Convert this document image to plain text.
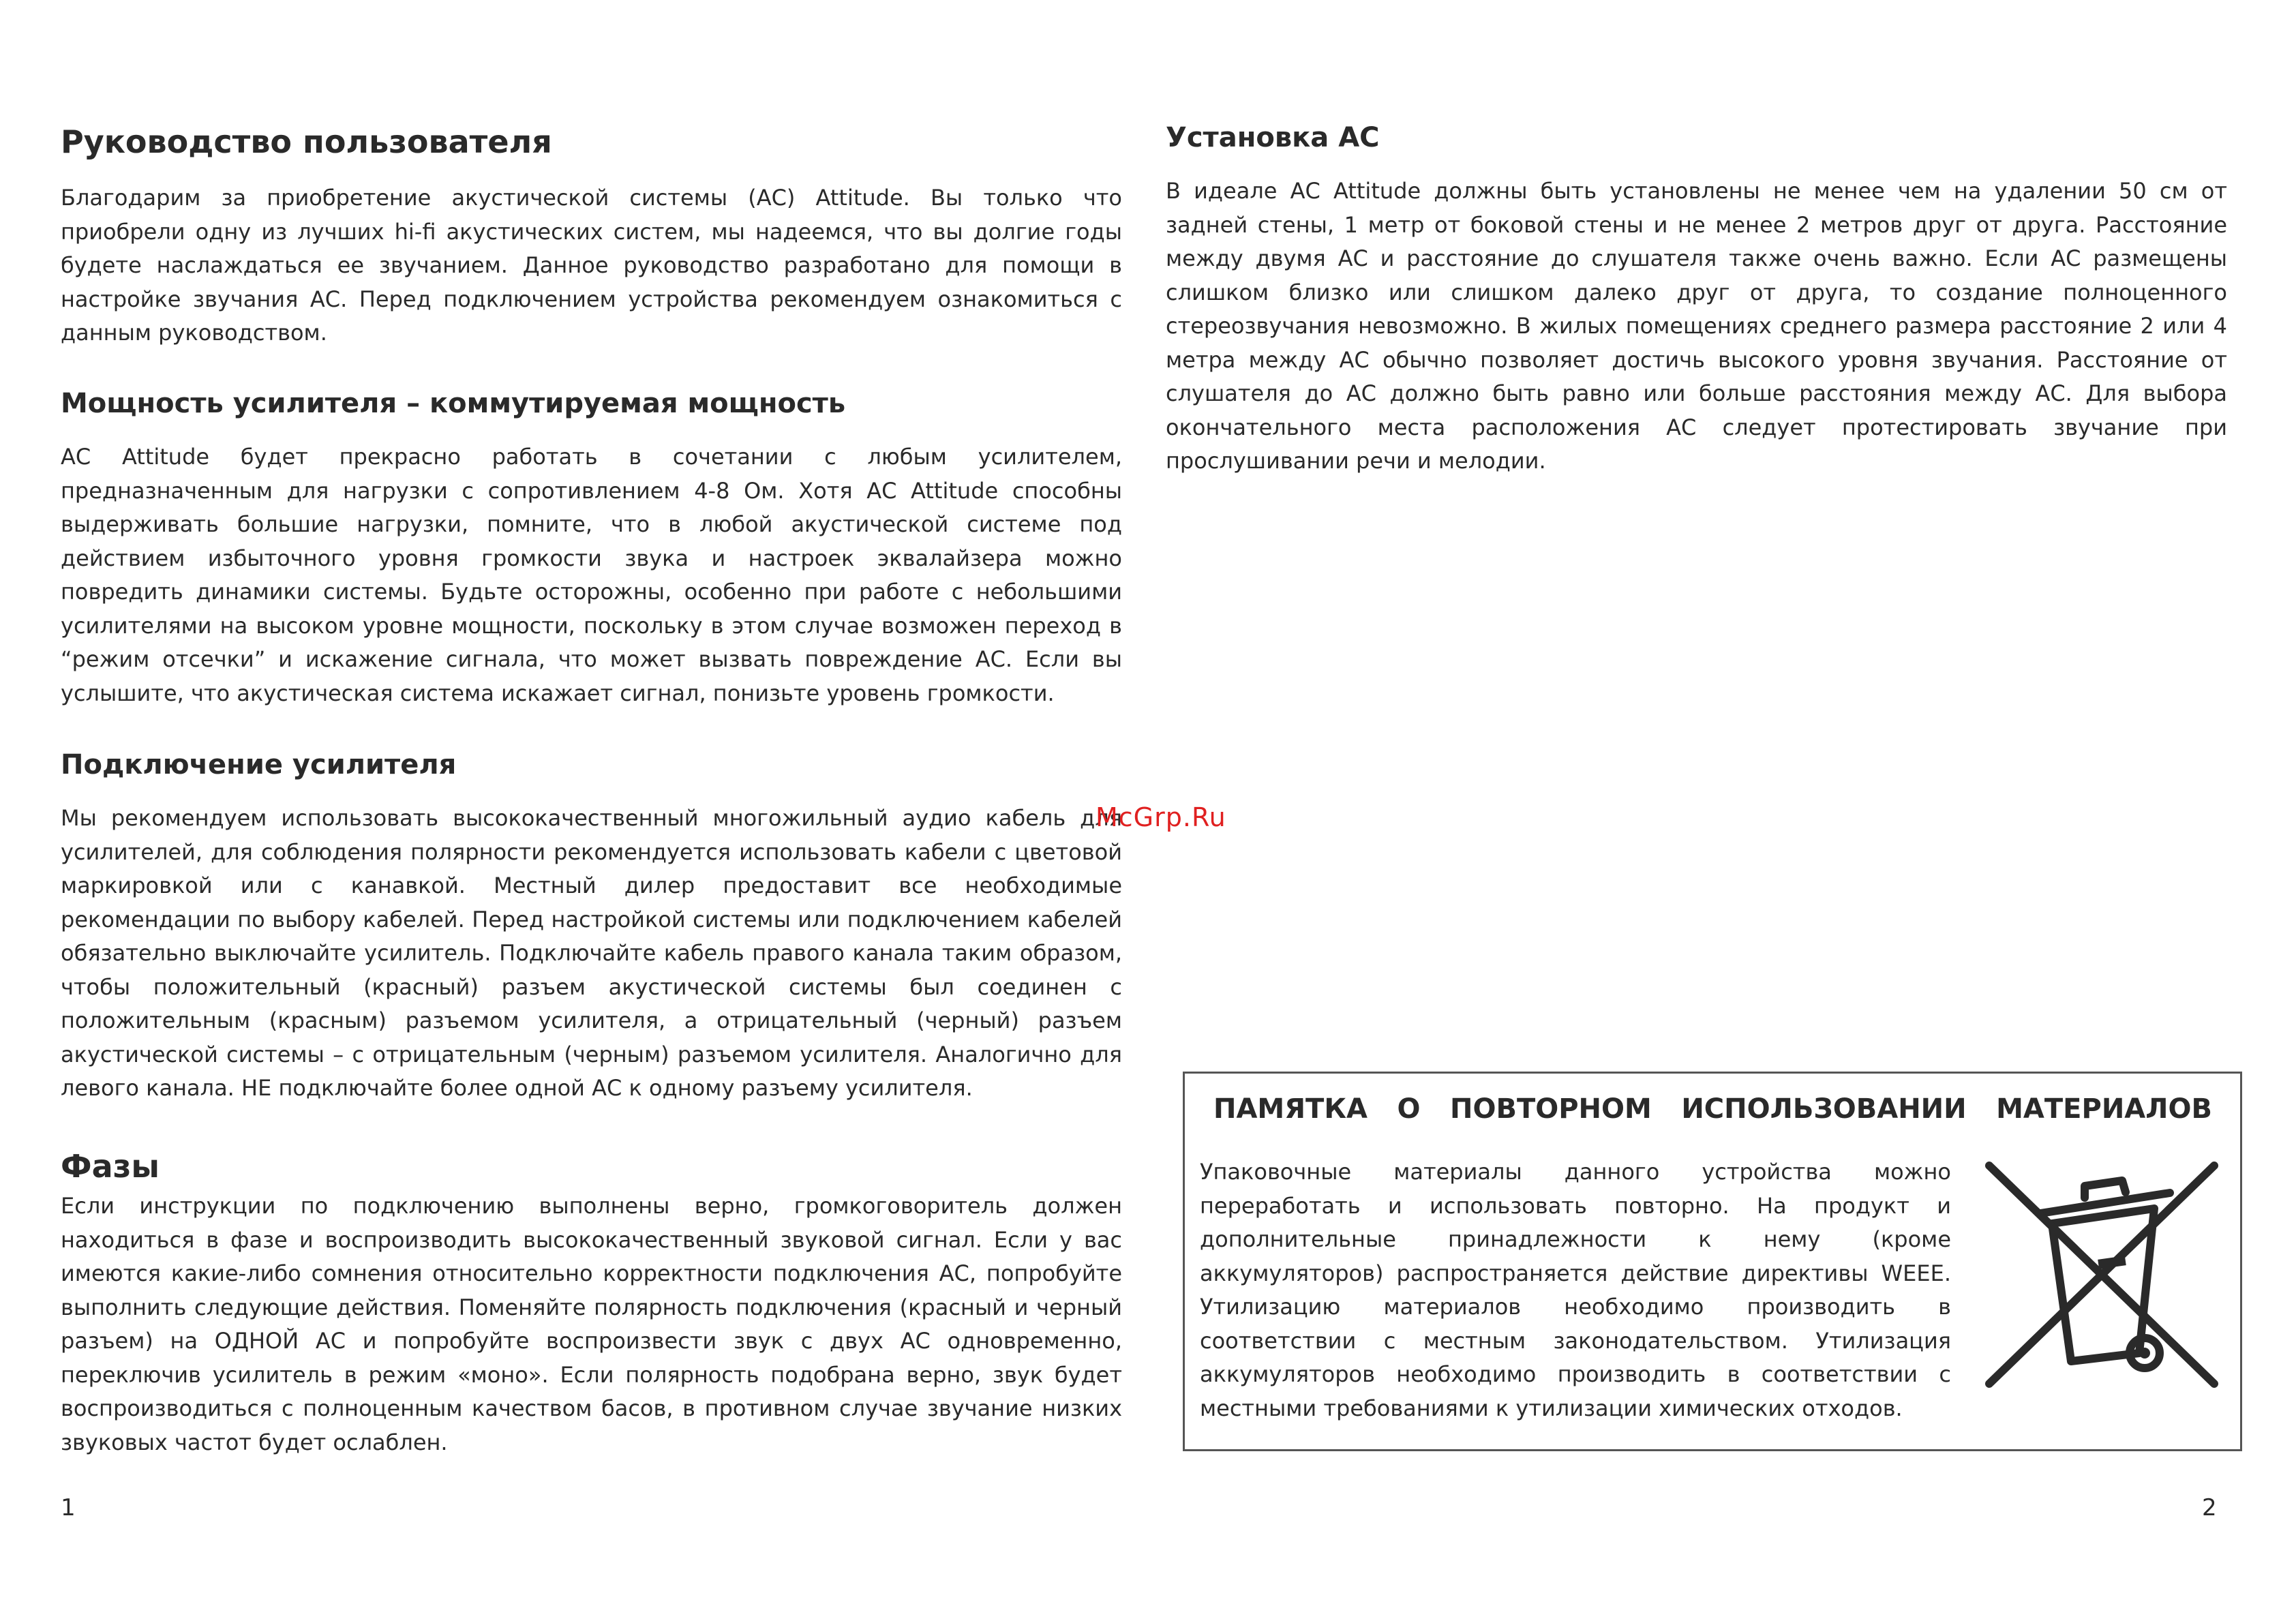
Руководство пользователя

Благодарим за приобретение акустической системы (АС) Attitude. Вы только что приобрели одну из лучших hi-fi акустических систем, мы надеемся, что вы долгие годы будете наслаждаться ее звучанием. Данное руководство разработано для помощи в настройке звучания АС. Перед подключением устройства рекомендуем ознакомиться с данным руководством.

Мощность усилителя – коммутируемая мощность

АС Attitude будет прекрасно работать в сочетании с любым усилителем, предназначенным для нагрузки с сопротивлением 4-8 Ом. Хотя АС Attitude способны выдерживать большие нагрузки, помните, что в любой акустической системе под действием избыточного уровня громкости звука и настроек эквалайзера можно повредить динамики системы. Будьте осторожны, особенно при работе с небольшими усилителями на высоком уровне мощности, поскольку в этом случае возможен переход в “режим отсечки” и искажение сигнала, что может вызвать повреждение АС. Если вы услышите, что акустическая система искажает сигнал, понизьте уровень громкости.

Подключение усилителя

Мы рекомендуем использовать высококачественный многожильный аудио кабель для усилителей, для соблюдения полярности рекомендуется использовать кабели с цветовой маркировкой или с канавкой. Местный дилер предоставит все необходимые рекомендации по выбору кабелей. Перед настройкой системы или подключением кабелей обязательно выключайте усилитель. Подключайте кабель правого канала таким образом, чтобы положительный (красный) разъем акустической системы был соединен с положительным (красным) разъемом усилителя, а отрицательный (черный) разъем акустической системы – с отрицательным (черным) разъемом усилителя. Аналогично для левого канала. НЕ подключайте более одной АС к одному разъему усилителя.

Фазы

Если инструкции по подключению выполнены верно, громкоговоритель должен находиться в фазе и воспроизводить высококачественный звуковой сигнал. Если у вас имеются какие-либо сомнения относительно корректности подключения АС, попробуйте выполнить следующие действия. Поменяйте полярность подключения (красный и черный разъем) на ОДНОЙ АС и попробуйте воспроизвести звук с двух АС одновременно, переключив усилитель в режим «моно». Если полярность подобрана верно, звук будет воспроизводиться с полноценным качеством басов, в противном случае звучание низких звуковых частот будет ослаблен.

1
Установка АС

В идеале АС Attitude должны быть установлены не менее чем на удалении 50 см от задней стены, 1 метр от боковой стены и не менее 2 метров друг от друга. Расстояние между двумя АС и расстояние до слушателя также очень важно. Если АС размещены слишком близко или слишком далеко друг от друга, то создание полноценного стереозвучания невозможно. В жилых помещениях среднего размера расстояние 2 или 4 метра между АС обычно позволяет достичь высокого уровня звучания. Расстояние от слушателя до АС должно быть равно или больше расстояния между АС. Для выбора окончательного места расположения АС следует протестировать звучание при прослушивании речи и мелодии.

2
ПАМЯТКА О ПОВТОРНОМ ИСПОЛЬЗОВАНИИ МАТЕРИАЛОВ

Упаковочные материалы данного устройства можно переработать и использовать повторно. На продукт и дополнительные принадлежности к нему (кроме аккумуляторов) распространяется действие директивы WEEE. Утилизацию материалов необходимо производить в соответствии с местным законодательством. Утилизация аккумуляторов необходимо производить в соответствии с местными требованиями к утилизации химических отходов.

McGrp.Ru
